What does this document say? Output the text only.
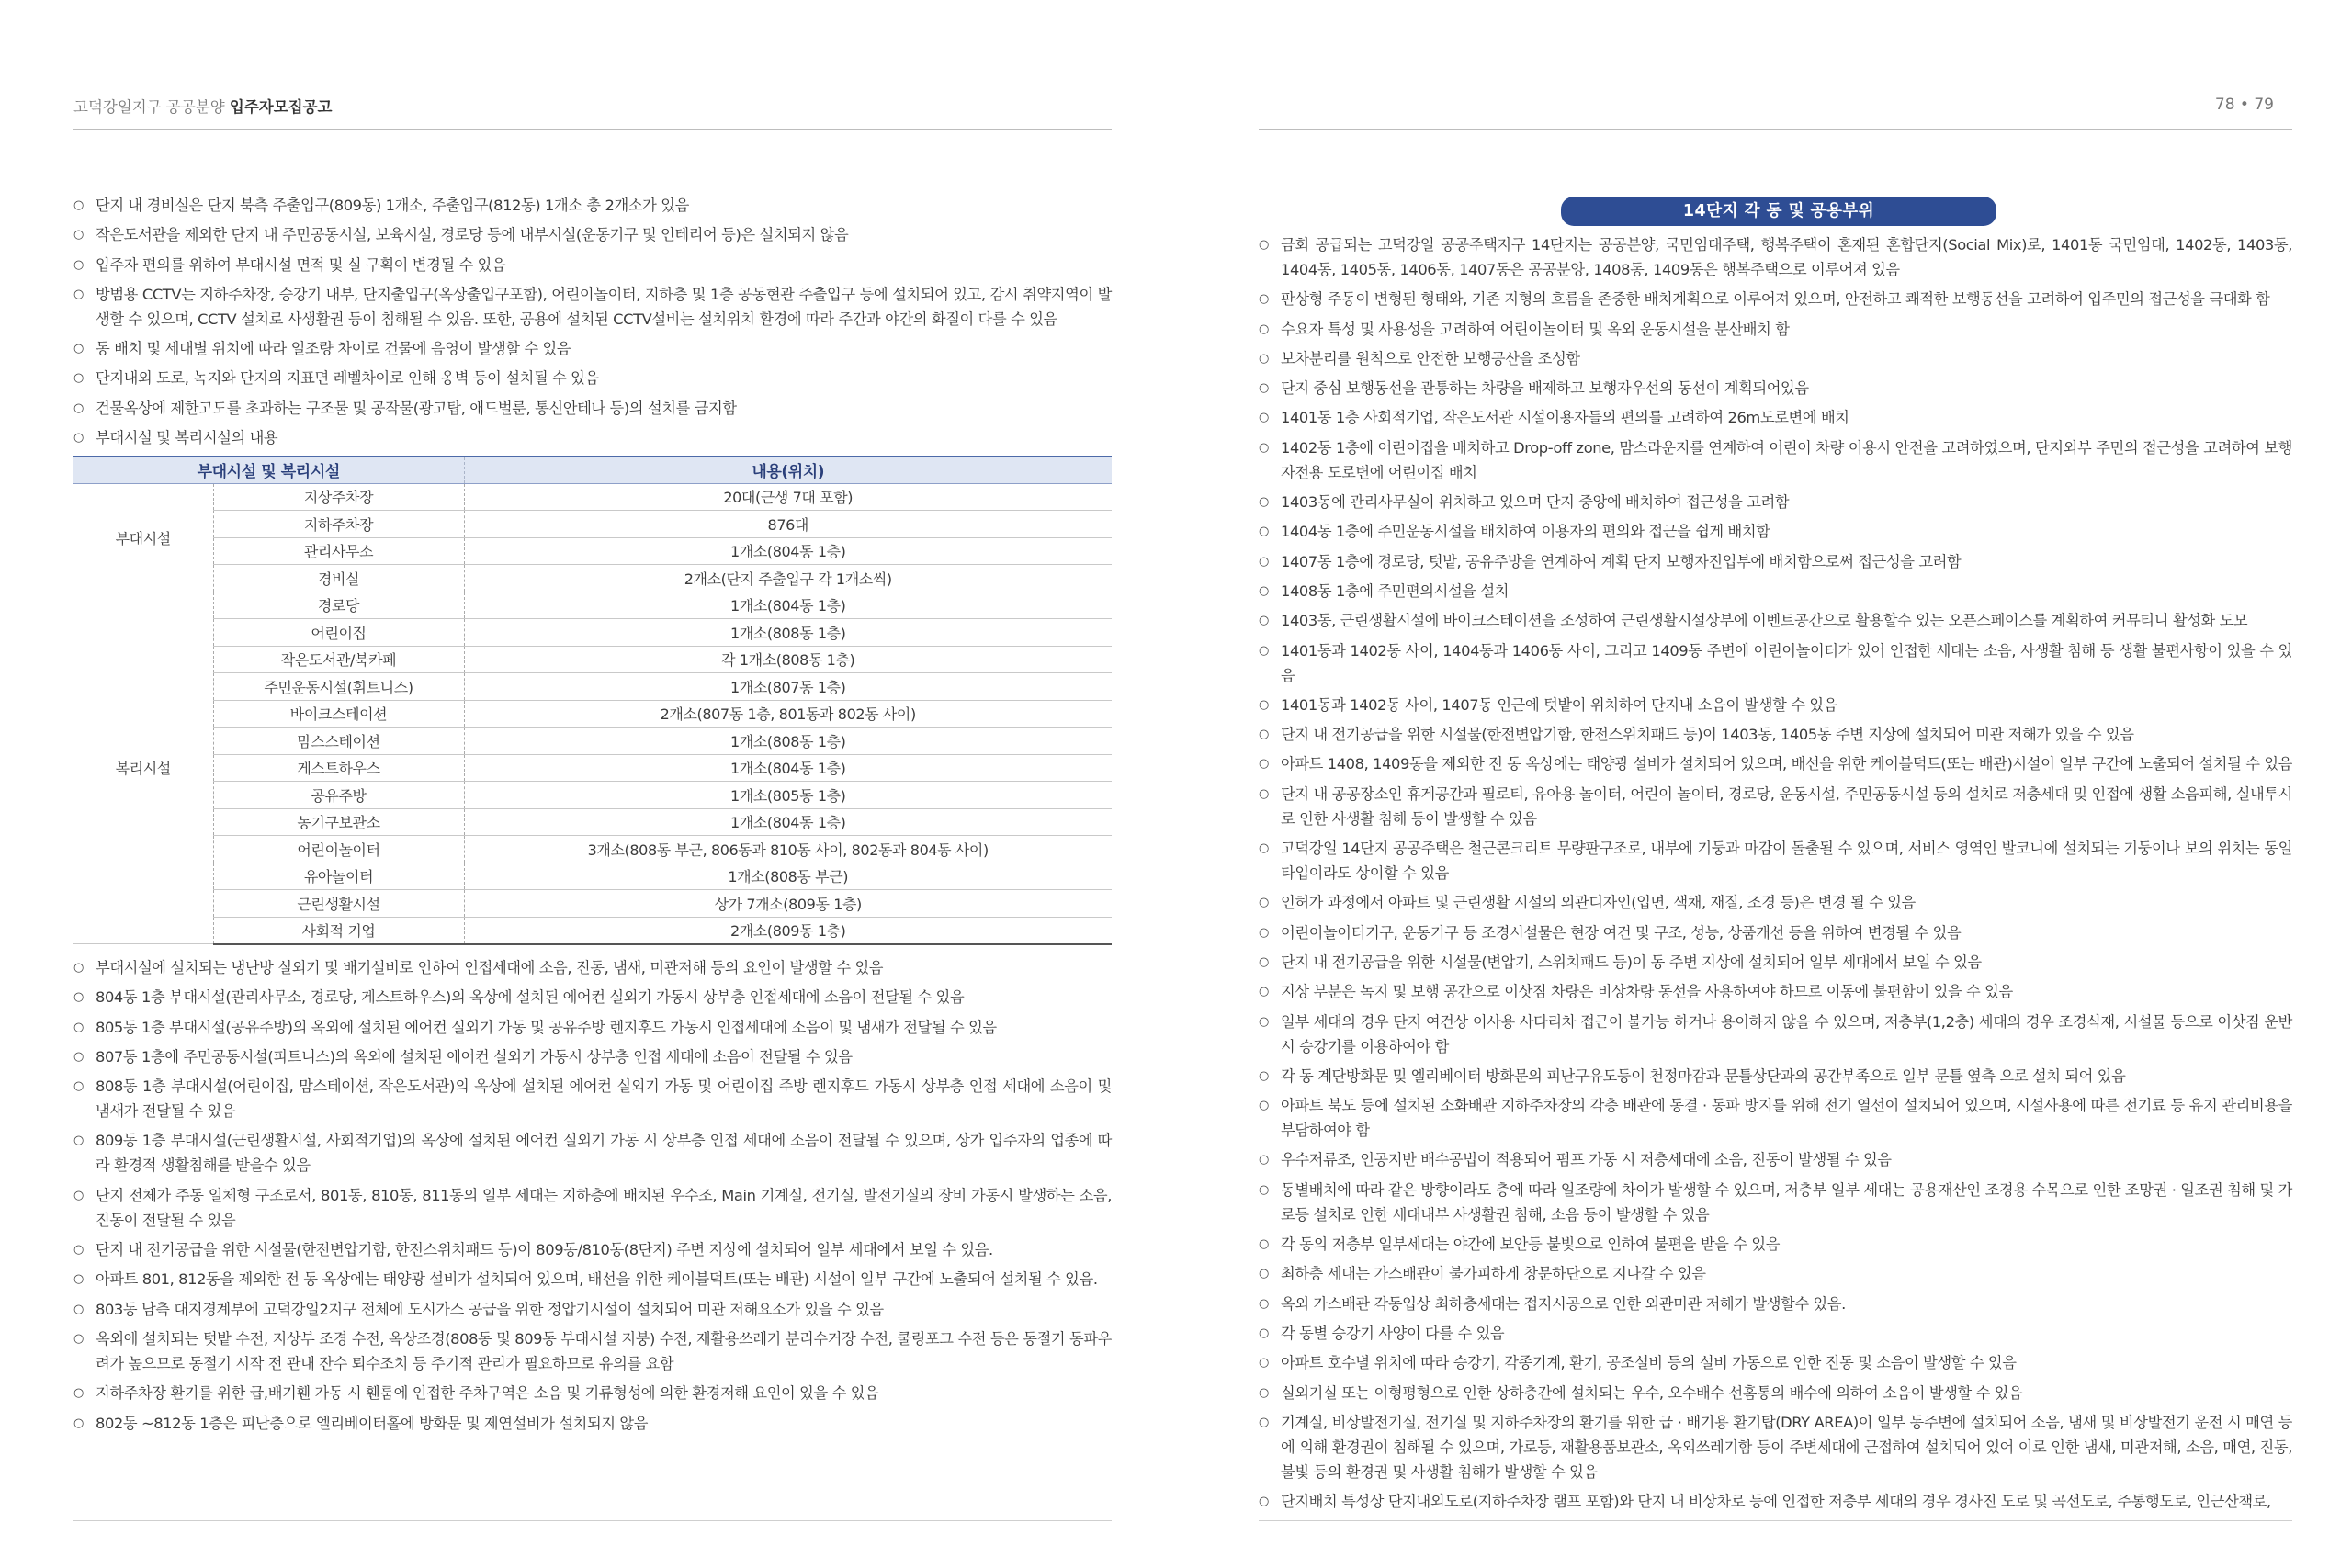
고덕강일지구 공공분양 입주자모집공고
○ 단지 내 경비실은 단지 북측 주출입구(809동) 1개소, 주출입구(812동) 1개소 총 2개소가 있음
○ 작은도서관을 제외한 단지 내 주민공동시설, 보육시설, 경로당 등에 내부시설(운동기구 및 인테리어 등)은 설치되지 않음
○ 입주자 편의를 위하여 부대시설 면적 및 실 구획이 변경될 수 있음
○ 방범용 CCTV는 지하주차장, 승강기 내부, 단지출입구(옥상출입구포함), 어린이놀이터, 지하층 및 1층 공동현관 주출입구 등에 설치되어 있고, 감시 취약지역이 발생할 수 있으며, CCTV 설치로 사생활권 등이 침해될 수 있음. 또한, 공용에 설치된 CCTV설비는 설치위치 환경에 따라 주간과 야간의 화질이 다를 수 있음
○ 동 배치 및 세대별 위치에 따라 일조량 차이로 건물에 음영이 발생할 수 있음
○ 단지내외 도로, 녹지와 단지의 지표면 레벨차이로 인해 옹벽 등이 설치될 수 있음
○ 건물옥상에 제한고도를 초과하는 구조물 및 공작물(광고탑, 애드벌룬, 통신안테나 등)의 설치를 금지함
○ 부대시설 및 복리시설의 내용
부대시설 및 복리시설		내용(위치)
부대시설	지상주차장	20대(근생 7대 포함)
	지하주차장	876대
	관리사무소	1개소(804동 1층)
	경비실	2개소(단지 주출입구 각 1개소씩)
복리시설	경로당	1개소(804동 1층)
	어린이집	1개소(808동 1층)
	작은도서관/북카페	각 1개소(808동 1층)
	주민운동시설(휘트니스)	1개소(807동 1층)
	바이크스테이션	2개소(807동 1층, 801동과 802동 사이)
	맘스스테이션	1개소(808동 1층)
	게스트하우스	1개소(804동 1층)
	공유주방	1개소(805동 1층)
	농기구보관소	1개소(804동 1층)
	어린이놀이터	3개소(808동 부근, 806동과 810동 사이, 802동과 804동 사이)
	유아놀이터	1개소(808동 부근)
	근린생활시설	상가 7개소(809동 1층)
	사회적 기업	2개소(809동 1층)
○ 부대시설에 설치되는 냉난방 실외기 및 배기설비로 인하여 인접세대에 소음, 진동, 냄새, 미관저해 등의 요인이 발생할 수 있음
○ 804동 1층 부대시설(관리사무소, 경로당, 게스트하우스)의 옥상에 설치된 에어컨 실외기 가동시 상부층 인접세대에 소음이 전달될 수 있음
○ 805동 1층 부대시설(공유주방)의 옥외에 설치된 에어컨 실외기 가동 및 공유주방 렌지후드 가동시 인접세대에 소음이 및 냄새가 전달될 수 있음
○ 807동 1층에 주민공동시설(피트니스)의 옥외에 설치된 에어컨 실외기 가동시 상부층 인접 세대에 소음이 전달될 수 있음
○ 808동 1층 부대시설(어린이집, 맘스테이션, 작은도서관)의 옥상에 설치된 에어컨 실외기 가동 및 어린이집 주방 렌지후드 가동시 상부층 인접 세대에 소음이 및 냄새가 전달될 수 있음
○ 809동 1층 부대시설(근린생활시설, 사회적기업)의 옥상에 설치된 에어컨 실외기 가동 시 상부층 인접 세대에 소음이 전달될 수 있으며, 상가 입주자의 업종에 따라 환경적 생활침해를 받을수 있음
○ 단지 전체가 주동 일체형 구조로서, 801동, 810동, 811동의 일부 세대는 지하층에 배치된 우수조, Main 기계실, 전기실, 발전기실의 장비 가동시 발생하는 소음, 진동이 전달될 수 있음
○ 단지 내 전기공급을 위한 시설물(한전변압기함, 한전스위치패드 등)이 809동/810동(8단지) 주변 지상에 설치되어 일부 세대에서 보일 수 있음.
○ 아파트 801, 812동을 제외한 전 동 옥상에는 태양광 설비가 설치되어 있으며, 배선을 위한 케이블덕트(또는 배관) 시설이 일부 구간에 노출되어 설치될 수 있음.
○ 803동 남측 대지경계부에 고덕강일2지구 전체에 도시가스 공급을 위한 정압기시설이 설치되어 미관 저해요소가 있을 수 있음
○ 옥외에 설치되는 텃밭 수전, 지상부 조경 수전, 옥상조경(808동 및 809동 부대시설 지붕) 수전, 재활용쓰레기 분리수거장 수전, 쿨링포그 수전 등은 동절기 동파우려가 높으므로 동절기 시작 전 관내 잔수 퇴수조치 등 주기적 관리가 필요하므로 유의를 요함
○ 지하주차장 환기를 위한 급,배기휀 가동 시 휀룸에 인접한 주차구역은 소음 및 기류형성에 의한 환경저해 요인이 있을 수 있음
○ 802동 ~812동 1층은 피난층으로 엘리베이터홀에 방화문 및 제연설비가 설치되지 않음
78 • 79
14단지 각 동 및 공용부위
○ 금회 공급되는 고덕강일 공공주택지구 14단지는 공공분양, 국민임대주택, 행복주택이 혼재된 혼합단지(Social Mix)로, 1401동 국민임대, 1402동, 1403동, 1404동, 1405동, 1406동, 1407동은 공공분양, 1408동, 1409동은 행복주택으로 이루어져 있음
○ 판상형 주동이 변형된 형태와, 기존 지형의 흐름을 존중한 배치계획으로 이루어져 있으며, 안전하고 쾌적한 보행동선을 고려하여 입주민의 접근성을 극대화 함
○ 수요자 특성 및 사용성을 고려하여 어린이놀이터 및 옥외 운동시설을 분산배치 함
○ 보차분리를 원칙으로 안전한 보행공산을 조성함
○ 단지 중심 보행동선을 관통하는 차량을 배제하고 보행자우선의 동선이 계획되어있음
○ 1401동 1층 사회적기업, 작은도서관 시설이용자들의 편의를 고려하여 26m도로변에 배치
○ 1402동 1층에 어린이집을 배치하고 Drop-off zone, 맘스라운지를 연계하여 어린이 차량 이용시 안전을 고려하였으며, 단지외부 주민의 접근성을 고려하여 보행자전용 도로변에 어린이집 배치
○ 1403동에 관리사무실이 위치하고 있으며 단지 중앙에 배치하여 접근성을 고려함
○ 1404동 1층에 주민운동시설을 배치하여 이용자의 편의와 접근을 쉽게 배치함
○ 1407동 1층에 경로당, 텃밭, 공유주방을 연계하여 계획 단지 보행자진입부에 배치함으로써 접근성을 고려함
○ 1408동 1층에 주민편의시설을 설치
○ 1403동, 근린생활시설에 바이크스테이션을 조성하여 근린생활시설상부에 이벤트공간으로 활용할수 있는 오픈스페이스를 계획하여 커뮤티니 활성화 도모
○ 1401동과 1402동 사이, 1404동과 1406동 사이, 그리고 1409동 주변에 어린이놀이터가 있어 인접한 세대는 소음, 사생활 침해 등 생활 불편사항이 있을 수 있음
○ 1401동과 1402동 사이, 1407동 인근에 텃밭이 위치하여 단지내 소음이 발생할 수 있음
○ 단지 내 전기공급을 위한 시설물(한전변압기함, 한전스위치패드 등)이 1403동, 1405동 주변 지상에 설치되어 미관 저해가 있을 수 있음
○ 아파트 1408, 1409동을 제외한 전 동 옥상에는 태양광 설비가 설치되어 있으며, 배선을 위한 케이블덕트(또는 배관)시설이 일부 구간에 노출되어 설치될 수 있음
○ 단지 내 공공장소인 휴게공간과 필로티, 유아용 놀이터, 어린이 놀이터, 경로당, 운동시설, 주민공동시설 등의 설치로 저층세대 및 인접에 생활 소음피해, 실내투시로 인한 사생활 침해 등이 발생할 수 있음
○ 고덕강일 14단지 공공주택은 철근콘크리트 무량판구조로, 내부에 기둥과 마감이 돌출될 수 있으며, 서비스 영역인 발코니에 설치되는 기둥이나 보의 위치는 동일 타입이라도 상이할 수 있음
○ 인허가 과정에서 아파트 및 근린생활 시설의 외관디자인(입면, 색채, 재질, 조경 등)은 변경 될 수 있음
○ 어린이놀이터기구, 운동기구 등 조경시설물은 현장 여건 및 구조, 성능, 상품개선 등을 위하여 변경될 수 있음
○ 단지 내 전기공급을 위한 시설물(변압기, 스위치패드 등)이 동 주변 지상에 설치되어 일부 세대에서 보일 수 있음
○ 지상 부분은 녹지 및 보행 공간으로 이삿짐 차량은 비상차량 동선을 사용하여야 하므로 이동에 불편함이 있을 수 있음
○ 일부 세대의 경우 단지 여건상 이사용 사다리차 접근이 불가능 하거나 용이하지 않을 수 있으며, 저층부(1,2층) 세대의 경우 조경식재, 시설물 등으로 이삿짐 운반 시 승강기를 이용하여야 함
○ 각 동 계단방화문 및 엘리베이터 방화문의 피난구유도등이 천정마감과 문틀상단과의 공간부족으로 일부 문틀 옆측 으로 설치 되어 있음
○ 아파트 북도 등에 설치된 소화배관 지하주차장의 각층 배관에 동결 · 동파 방지를 위해 전기 열선이 설치되어 있으며, 시설사용에 따른 전기료 등 유지 관리비용을 부담하여야 함
○ 우수저류조, 인공지반 배수공법이 적용되어 펌프 가동 시 저층세대에 소음, 진동이 발생될 수 있음
○ 동별배치에 따라 같은 방향이라도 층에 따라 일조량에 차이가 발생할 수 있으며, 저층부 일부 세대는 공용재산인 조경용 수목으로 인한 조망권 · 일조권 침해 및 가로등 설치로 인한 세대내부 사생활권 침해, 소음 등이 발생할 수 있음
○ 각 동의 저층부 일부세대는 야간에 보안등 불빛으로 인하여 불편을 받을 수 있음
○ 최하층 세대는 가스배관이 불가피하게 창문하단으로 지나갈 수 있음
○ 옥외 가스배관 각동입상 최하층세대는 접지시공으로 인한 외관미관 저해가 발생할수 있음.
○ 각 동별 승강기 사양이 다를 수 있음
○ 아파트 호수별 위치에 따라 승강기, 각종기계, 환기, 공조설비 등의 설비 가동으로 인한 진동 및 소음이 발생할 수 있음
○ 실외기실 또는 이형평형으로 인한 상하층간에 설치되는 우수, 오수배수 선홈통의 배수에 의하여 소음이 발생할 수 있음
○ 기계실, 비상발전기실, 전기실 및 지하주차장의 환기를 위한 급 · 배기용 환기탑(DRY AREA)이 일부 동주변에 설치되어 소음, 냄새 및 비상발전기 운전 시 매연 등에 의해 환경권이 침해될 수 있으며, 가로등, 재활용품보관소, 옥외쓰레기함 등이 주변세대에 근접하여 설치되어 있어 이로 인한 냄새, 미관저해, 소음, 매연, 진동, 불빛 등의 환경권 및 사생활 침해가 발생할 수 있음
○ 단지배치 특성상 단지내외도로(지하주차장 램프 포함)와 단지 내 비상차로 등에 인접한 저층부 세대의 경우 경사진 도로 및 곡선도로, 주통행도로, 인근산책로,
